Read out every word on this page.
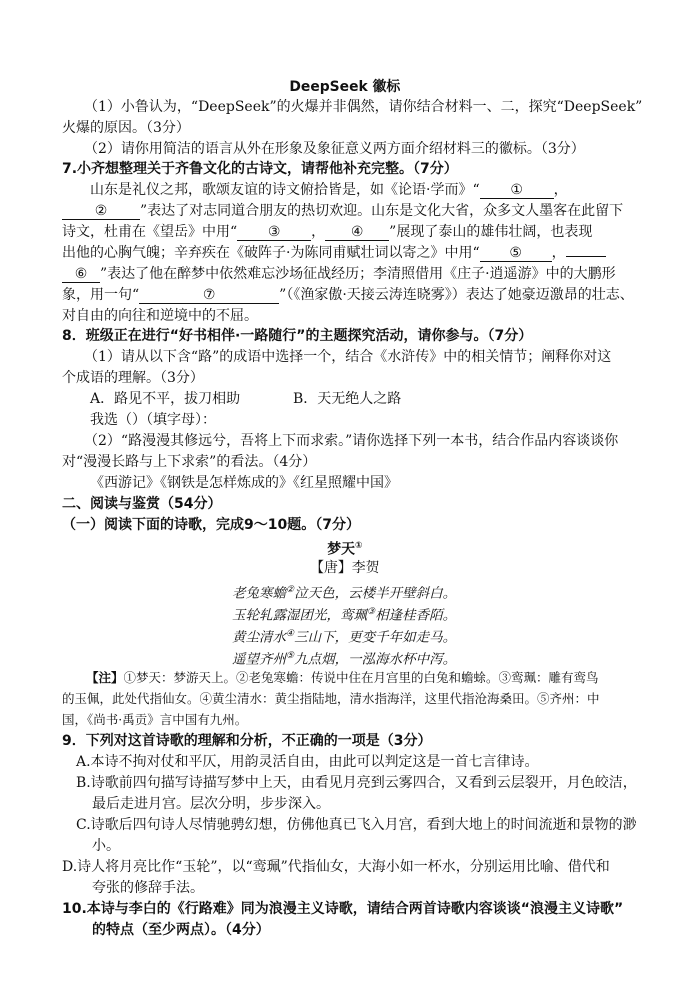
DeepSeek 徽标
（1）小鲁认为，“DeepSeek”的火爆并非偶然，请你结合材料一、二，探究“DeepSeek”
火爆的原因。（3分）
（2）请你用简洁的语言从外在形象及象征意义两方面介绍材料三的徽标。（3分）
7.小齐想整理关于齐鲁文化的古诗文，请帮他补充完整。（7分）
山东是礼仪之邦，歌颂友谊的诗文俯拾皆是，如《论语·学而》“ ① ，
② ”表达了对志同道合朋友的热切欢迎。山东是文化大省，众多文人墨客在此留下
诗文，杜甫在《望岳》中用“ ③ ， ④ ”展现了泰山的雄伟壮阔，也表现
出他的心胸气魄；辛弃疾在《破阵子·为陈同甫赋壮词以寄之》中用“ ⑤ ，
⑥ ”表达了他在醉梦中依然难忘沙场征战经历；李清照借用《庄子·逍遥游》中的大鹏形
象，用一句“	⑦	”（《渔家傲·天接云涛连晓雾》）表达了她豪迈激昂的壮志、
对自由的向往和逆境中的不屈。
8．班级正在进行“好书相伴·一路随行”的主题探究活动，请你参与。（7分）
（1）请从以下含“路”的成语中选择一个，结合《水浒传》中的相关情节；阐释你对这
个成语的理解。（3分）
A．路见不平，拔刀相助	B．天无绝人之路
我选（）（填字母）：
（2）“路漫漫其修远兮，吾将上下而求索。”请你选择下列一本书，结合作品内容谈谈你
对“漫漫长路与上下求索”的看法。（4分）
《西游记》《钢铁是怎样炼成的》《红星照耀中国》
二、阅读与鉴赏（54分）
（一）阅读下面的诗歌，完成9～10题。（7分）
梦天①
【唐】李贺
老兔寒蟾②泣天色，云楼半开壁斜白。
玉轮轧露湿团光，鸾珮③相逢桂香陌。
黄尘清水④三山下，更变千年如走马。
遥望齐州⑤九点烟，一泓海水杯中泻。
【注】①梦天：梦游天上。②老兔寒蟾：传说中住在月宫里的白兔和蟾蜍。③鸾珮：雕有鸾鸟
的玉佩，此处代指仙女。④黄尘清水：黄尘指陆地，清水指海洋，这里代指沧海桑田。⑤齐州：中
国，《尚书·禹贡》言中国有九州。
9．下列对这首诗歌的理解和分析，不正确的一项是（3分）
A.本诗不拘对仗和平仄，用韵灵活自由，由此可以判定这是一首七言律诗。
B.诗歌前四句描写诗描写梦中上天，由看见月亮到云雾四合，又看到云层裂开，月色皎洁，
最后走进月宫。层次分明，步步深入。
C.诗歌后四句诗人尽情驰骋幻想，仿佛他真已飞入月宫，看到大地上的时间流逝和景物的渺
小。
D.诗人将月亮比作“玉轮”，以“鸾珮”代指仙女，大海小如一杯水，分别运用比喻、借代和
夸张的修辞手法。
10.本诗与李白的《行路难》同为浪漫主义诗歌，请结合两首诗歌内容谈谈“浪漫主义诗歌”
的特点（至少两点）。（4分）
